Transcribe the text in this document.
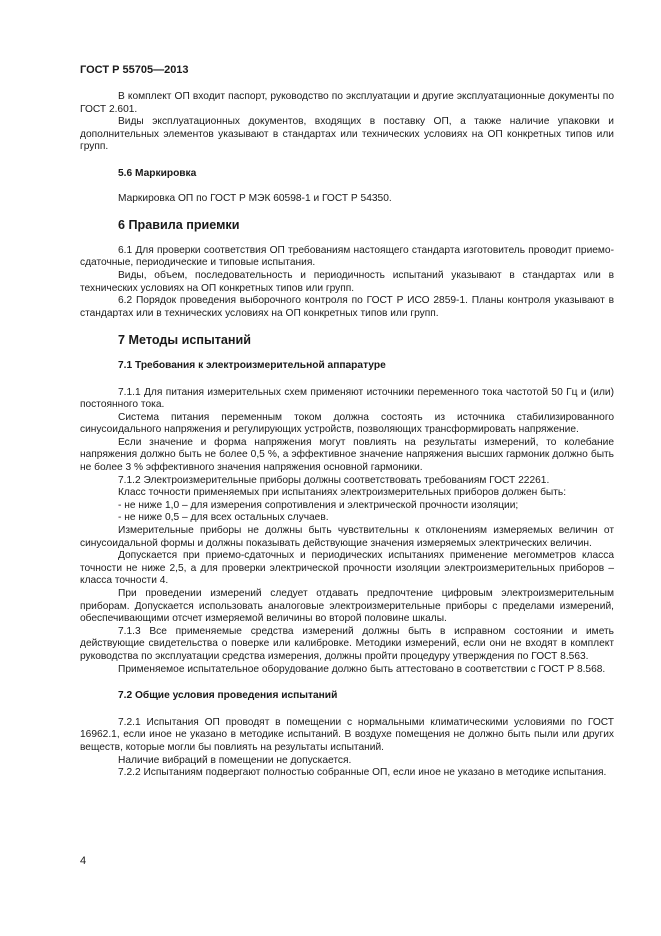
ГОСТ Р 55705—2013

В комплект ОП входит паспорт, руководство по эксплуатации и другие эксплуатационные документы по ГОСТ 2.601.

Виды эксплуатационных документов, входящих в поставку ОП, а также наличие упаковки и дополнительных элементов указывают в стандартах или технических условиях на ОП конкретных типов или групп.

5.6 Маркировка

Маркировка ОП по ГОСТ Р МЭК 60598-1 и ГОСТ Р 54350.

6 Правила приемки

6.1 Для проверки соответствия ОП требованиям настоящего стандарта изготовитель проводит приемо-сдаточные, периодические и типовые испытания.

Виды, объем, последовательность и периодичность испытаний указывают в стандартах или в технических условиях на ОП конкретных типов или групп.

6.2 Порядок проведения выборочного контроля по ГОСТ Р ИСО 2859-1. Планы контроля указывают в стандартах или в технических условиях на ОП конкретных типов или групп.

7 Методы испытаний
7.1 Требования к электроизмерительной аппаратуре

7.1.1 Для питания измерительных схем применяют источники переменного тока частотой 50 Гц и (или) постоянного тока.

Система питания переменным током должна состоять из источника стабилизированного синусоидального напряжения и регулирующих устройств, позволяющих трансформировать напряжение.

Если значение и форма напряжения могут повлиять на результаты измерений, то колебание напряжения должно быть не более 0,5 %, а эффективное значение напряжения высших гармоник должно быть не более 3 % эффективного значения напряжения основной гармоники.

7.1.2 Электроизмерительные приборы должны соответствовать требованиям ГОСТ 22261.

Класс точности применяемых при испытаниях электроизмерительных приборов должен быть:

- не ниже 1,0 – для измерения сопротивления и электрической прочности изоляции;

- не ниже 0,5 – для всех остальных случаев.

Измерительные приборы не должны быть чувствительны к отклонениям измеряемых величин от синусоидальной формы и должны показывать действующие значения измеряемых электрических величин.

Допускается при приемо-сдаточных и периодических испытаниях применение мегомметров класса точности не ниже 2,5, а для проверки электрической прочности изоляции электроизмерительных приборов – класса точности 4.

При проведении измерений следует отдавать предпочтение цифровым электроизмерительным приборам. Допускается использовать аналоговые электроизмерительные приборы с пределами измерений, обеспечивающими отсчет измеряемой величины во второй половине шкалы.

7.1.3 Все применяемые средства измерений должны быть в исправном состоянии и иметь действующие свидетельства о поверке или калибровке. Методики измерений, если они не входят в комплект руководства по эксплуатации средства измерения, должны пройти процедуру утверждения по ГОСТ 8.563.

Применяемое испытательное оборудование должно быть аттестовано в соответствии с ГОСТ Р 8.568.

7.2 Общие условия проведения испытаний

7.2.1 Испытания ОП проводят в помещении с нормальными климатическими условиями по ГОСТ 16962.1, если иное не указано в методике испытаний. В воздухе помещения не должно быть пыли или других веществ, которые могли бы повлиять на результаты испытаний.

Наличие вибраций в помещении не допускается.

7.2.2 Испытаниям подвергают полностью собранные ОП, если иное не указано в методике испытания.

4
